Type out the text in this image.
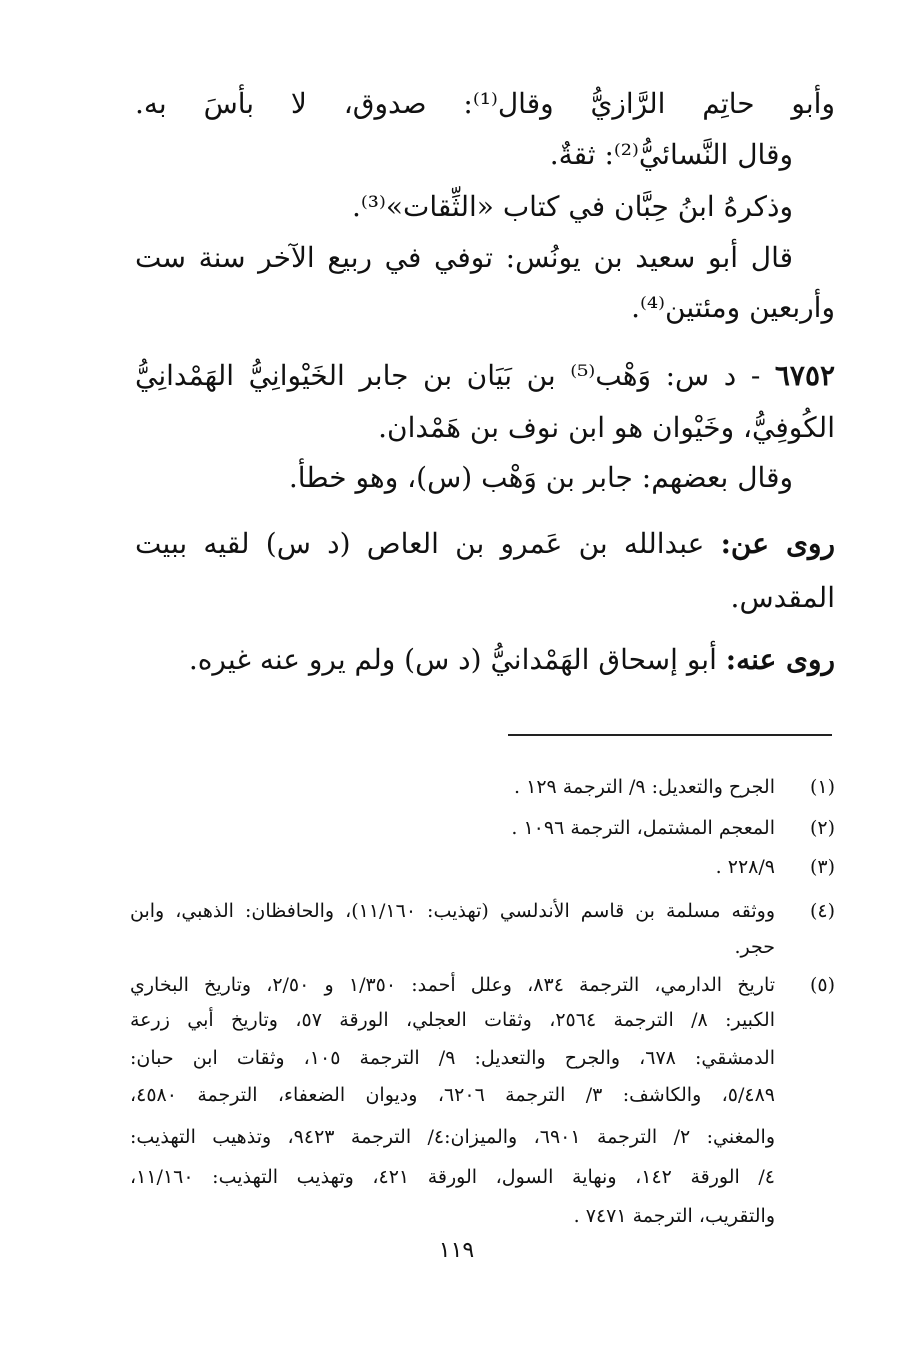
وأبو حاتِم الرَّازيُّ وقال⁽¹⁾: صدوق، لا بأسَ به.
وقال النَّسائيُّ⁽²⁾: ثقةٌ.
وذكرهُ ابنُ حِبَّان في كتاب «الثِّقات»⁽³⁾.
قال أبو سعيد بن يونُس: توفي في ربيع الآخر سنة ست
وأربعين ومئتين⁽⁴⁾.
٦٧٥٢ - د س: وَهْب⁽⁵⁾ بن بَيَان بن جابر الخَيْوانِيُّ الهَمْدانِيُّ
الكُوفِيُّ، وخَيْوان هو ابن نوف بن هَمْدان.
وقال بعضهم: جابر بن وَهْب (س)، وهو خطأ.
روى عن: عبدالله بن عَمرو بن العاص (د س) لقيه ببيت
المقدس.
روى عنه: أبو إسحاق الهَمْدانيُّ (د س) ولم يرو عنه غيره.
(١)
الجرح والتعديل: ٩/ الترجمة ١٢٩ .
(٢)
المعجم المشتمل، الترجمة ١٠٩٦ .
(٣)
٢٢٨/٩ .
(٤)
ووثقه مسلمة بن قاسم الأندلسي (تهذيب: ١١/١٦٠)، والحافظان: الذهبي، وابن
حجر.
(٥)
تاريخ الدارمي، الترجمة ٨٣٤، وعلل أحمد: ١/٣٥٠ و ٢/٥٠، وتاريخ البخاري
الكبير: ٨/ الترجمة ٢٥٦٤، وثقات العجلي، الورقة ٥٧، وتاريخ أبي زرعة
الدمشقي: ٦٧٨، والجرح والتعديل: ٩/ الترجمة ١٠٥، وثقات ابن حبان:
٥/٤٨٩، والكاشف: ٣/ الترجمة ٦٢٠٦، وديوان الضعفاء، الترجمة ٤٥٨٠،
والمغني: ٢/ الترجمة ٦٩٠١، والميزان:٤/ الترجمة ٩٤٢٣، وتذهيب التهذيب:
٤/ الورقة ١٤٢، ونهاية السول، الورقة ٤٢١، وتهذيب التهذيب: ١١/١٦٠،
والتقريب، الترجمة ٧٤٧١ .
١١٩
